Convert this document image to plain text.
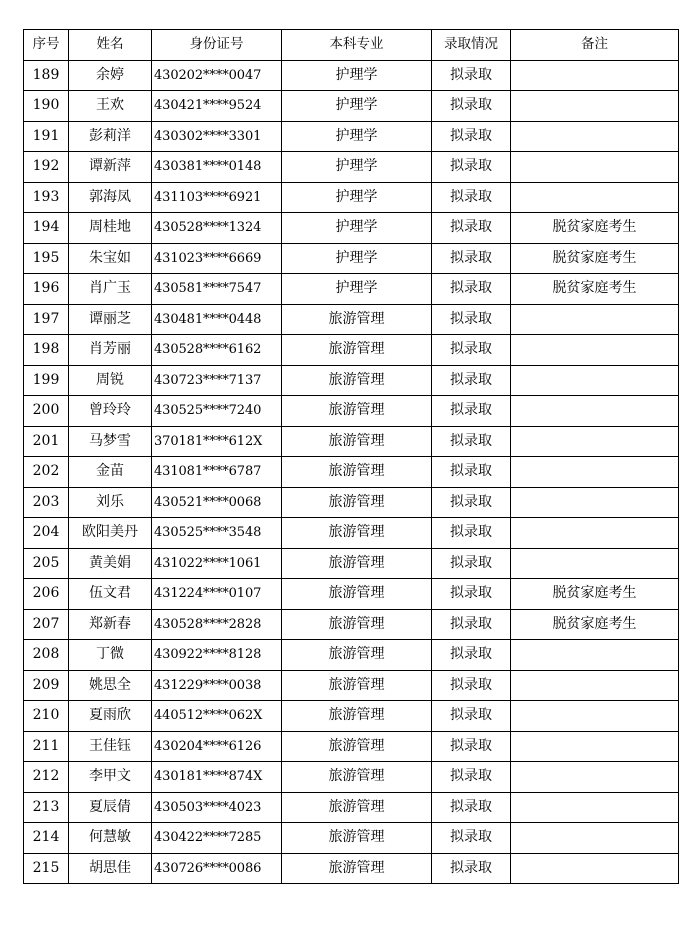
序号	姓名	身份证号	本科专业	录取情况	备注
189	余婷	430202****0047	护理学	拟录取	
190	王欢	430421****9524	护理学	拟录取	
191	彭莉洋	430302****3301	护理学	拟录取	
192	谭新萍	430381****0148	护理学	拟录取	
193	郭海凤	431103****6921	护理学	拟录取	
194	周桂地	430528****1324	护理学	拟录取	脱贫家庭考生
195	朱宝如	431023****6669	护理学	拟录取	脱贫家庭考生
196	肖广玉	430581****7547	护理学	拟录取	脱贫家庭考生
197	谭丽芝	430481****0448	旅游管理	拟录取	
198	肖芳丽	430528****6162	旅游管理	拟录取	
199	周锐	430723****7137	旅游管理	拟录取	
200	曾玲玲	430525****7240	旅游管理	拟录取	
201	马梦雪	370181****612X	旅游管理	拟录取	
202	金苗	431081****6787	旅游管理	拟录取	
203	刘乐	430521****0068	旅游管理	拟录取	
204	欧阳美丹	430525****3548	旅游管理	拟录取	
205	黄美娟	431022****1061	旅游管理	拟录取	
206	伍文君	431224****0107	旅游管理	拟录取	脱贫家庭考生
207	郑新春	430528****2828	旅游管理	拟录取	脱贫家庭考生
208	丁微	430922****8128	旅游管理	拟录取	
209	姚思全	431229****0038	旅游管理	拟录取	
210	夏雨欣	440512****062X	旅游管理	拟录取	
211	王佳钰	430204****6126	旅游管理	拟录取	
212	李甲文	430181****874X	旅游管理	拟录取	
213	夏辰倩	430503****4023	旅游管理	拟录取	
214	何慧敏	430422****7285	旅游管理	拟录取	
215	胡思佳	430726****0086	旅游管理	拟录取	
